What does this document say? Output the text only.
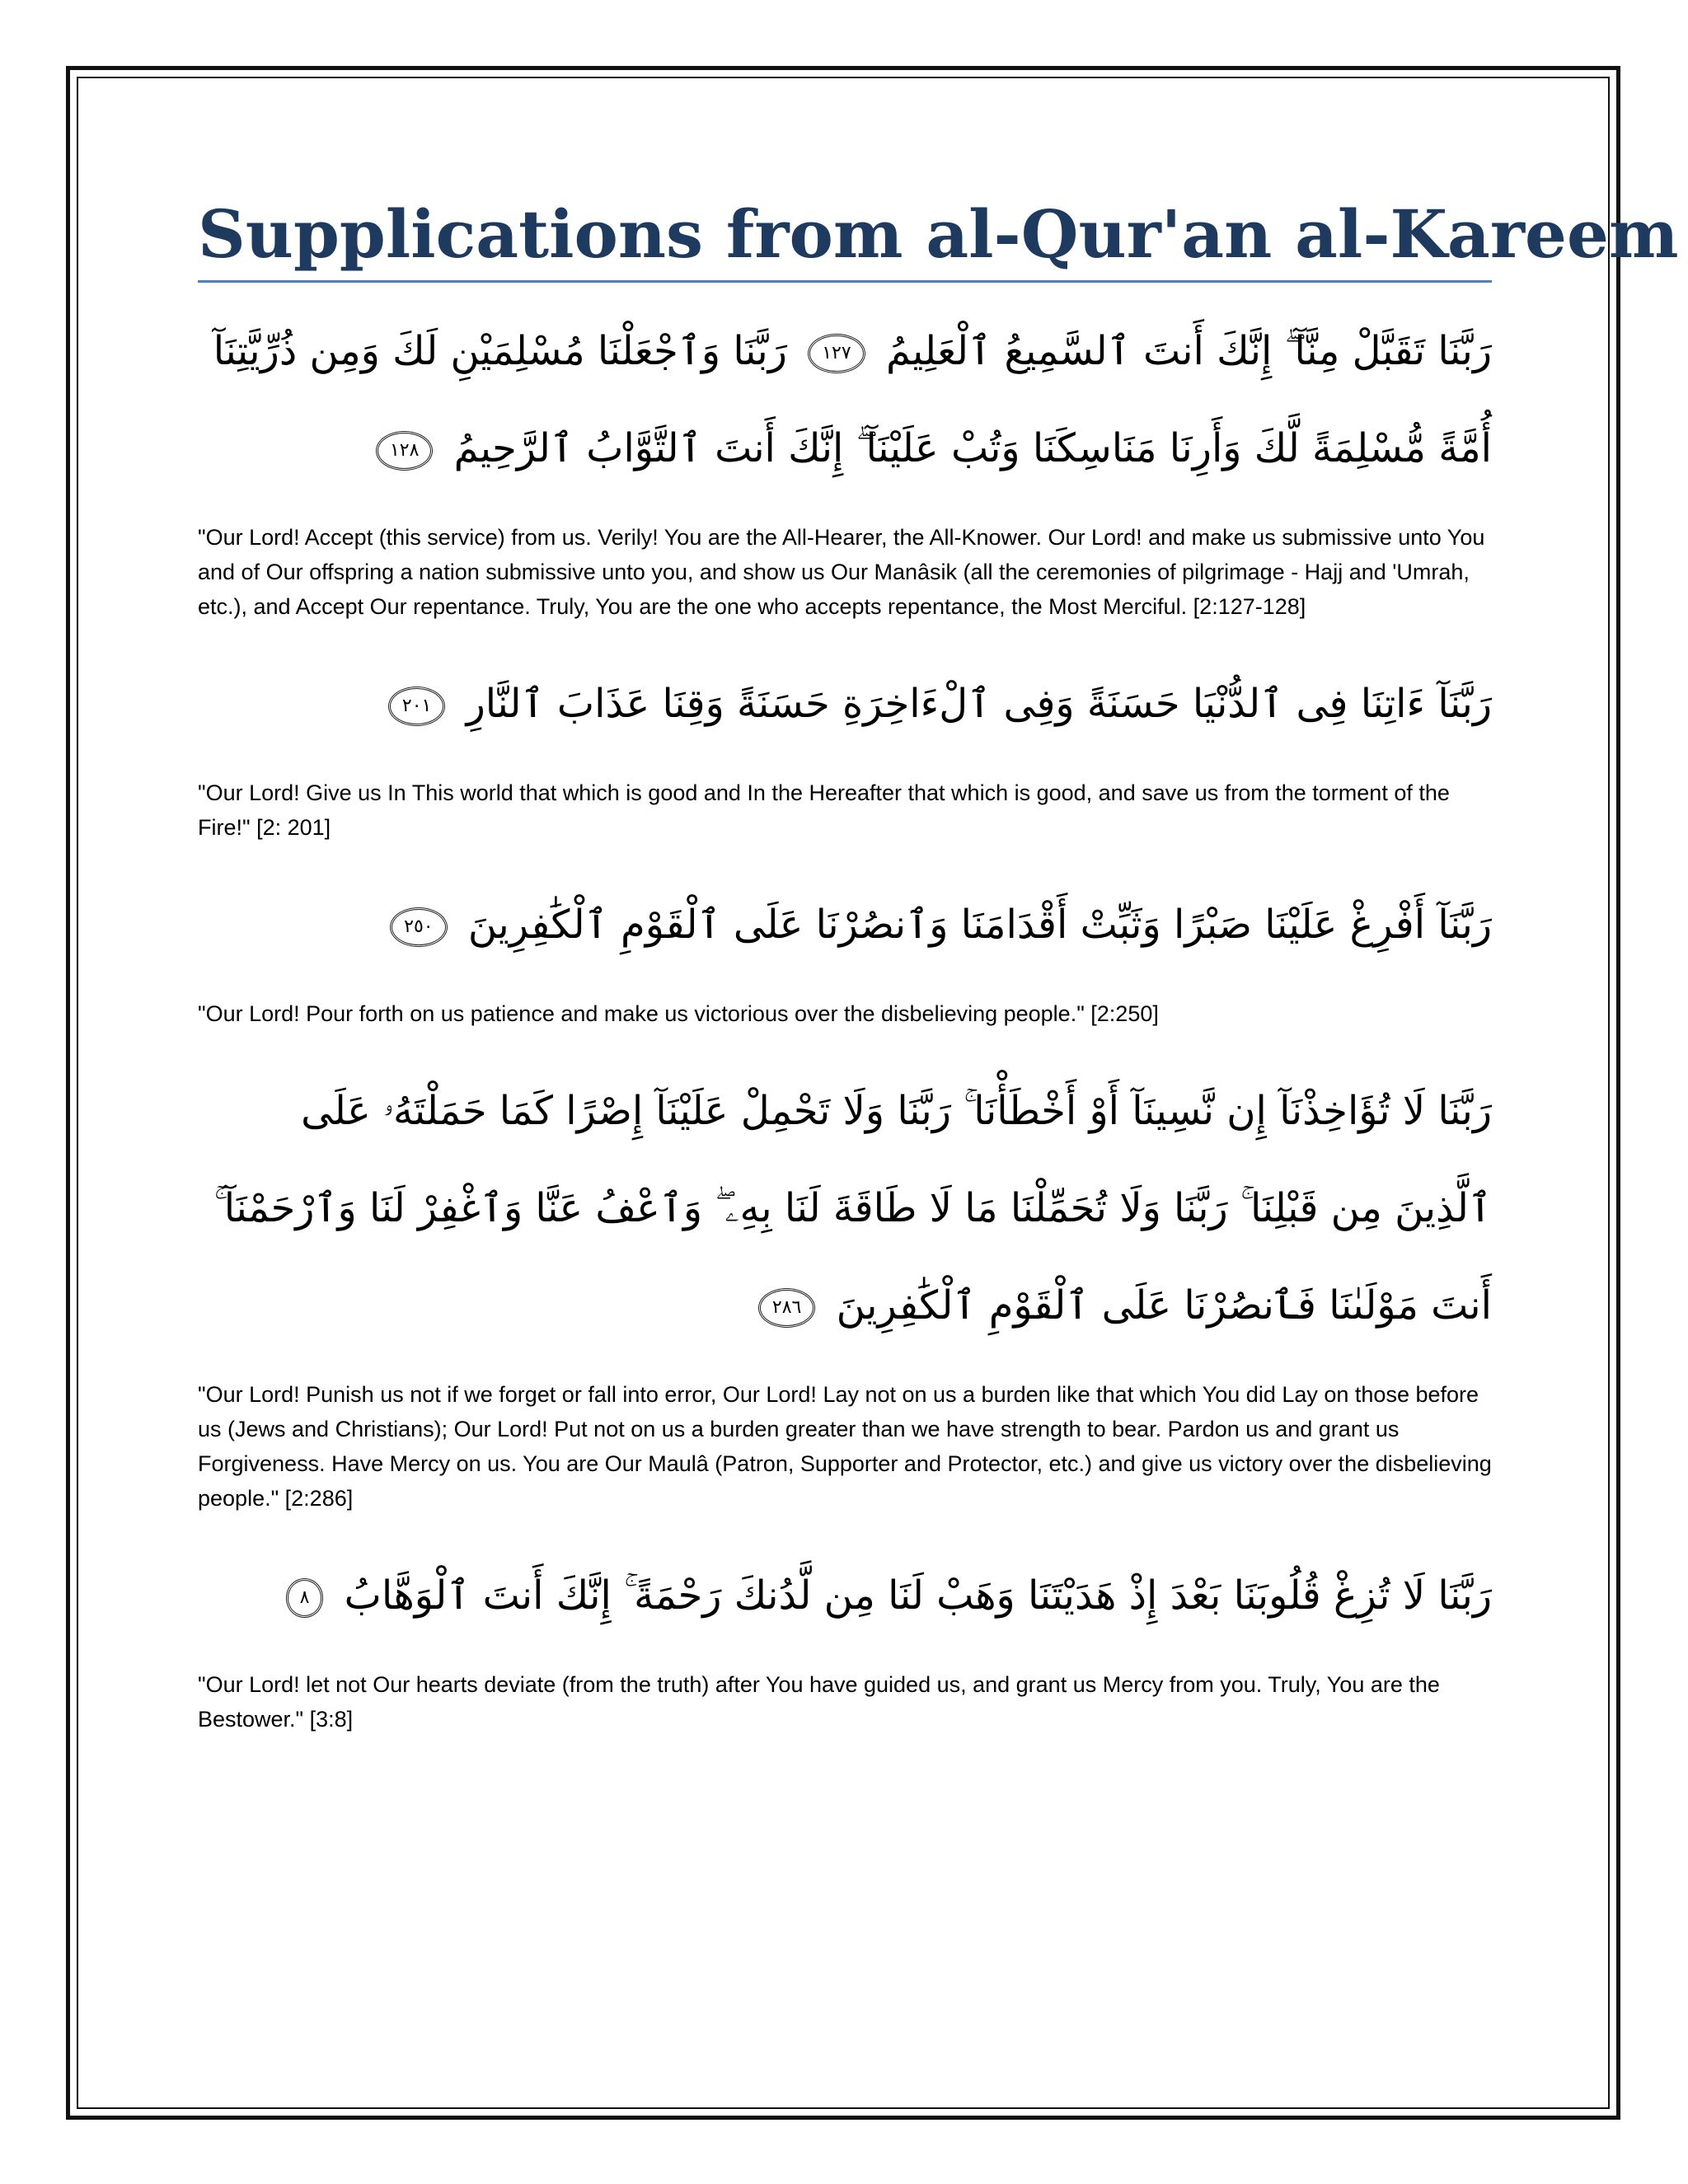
Supplications from al-Qur'an al-Kareem

رَبَّنَا تَقَبَّلْ مِنَّآ ۖ إِنَّكَ أَنتَ ٱلسَّمِيعُ ٱلْعَلِيمُ ١٢٧ رَبَّنَا وَٱجْعَلْنَا مُسْلِمَيْنِ لَكَ وَمِن ذُرِّيَّتِنَآ أُمَّةً مُّسْلِمَةً لَّكَ وَأَرِنَا مَنَاسِكَنَا وَتُبْ عَلَيْنَآ ۖ إِنَّكَ أَنتَ ٱلتَّوَّابُ ٱلرَّحِيمُ ١٢٨

"Our Lord! Accept (this service) from us. Verily! You are the All-Hearer, the All-Knower. Our Lord! and make us submissive unto You and of Our offspring a nation submissive unto you, and show us Our Manâsik (all the ceremonies of pilgrimage - Hajj and 'Umrah, etc.), and Accept Our repentance. Truly, You are the one who accepts repentance, the Most Merciful. [2:127-128]

رَبَّنَآ ءَاتِنَا فِى ٱلدُّنْيَا حَسَنَةً وَفِى ٱلْءَاخِرَةِ حَسَنَةً وَقِنَا عَذَابَ ٱلنَّارِ ٢٠١

"Our Lord! Give us In This world that which is good and In the Hereafter that which is good, and save us from the torment of the Fire!" [2: 201]

رَبَّنَآ أَفْرِغْ عَلَيْنَا صَبْرًا وَثَبِّتْ أَقْدَامَنَا وَٱنصُرْنَا عَلَى ٱلْقَوْمِ ٱلْكَٰفِرِينَ ٢٥٠

"Our Lord! Pour forth on us patience and make us victorious over the disbelieving people." [2:250]

رَبَّنَا لَا تُؤَاخِذْنَآ إِن نَّسِينَآ أَوْ أَخْطَأْنَا ۚ رَبَّنَا وَلَا تَحْمِلْ عَلَيْنَآ إِصْرًا كَمَا حَمَلْتَهُۥ عَلَى ٱلَّذِينَ مِن قَبْلِنَا ۚ رَبَّنَا وَلَا تُحَمِّلْنَا مَا لَا طَاقَةَ لَنَا بِهِۦ ۖ وَٱعْفُ عَنَّا وَٱغْفِرْ لَنَا وَٱرْحَمْنَآ ۚ أَنتَ مَوْلَىٰنَا فَٱنصُرْنَا عَلَى ٱلْقَوْمِ ٱلْكَٰفِرِينَ ٢٨٦

"Our Lord! Punish us not if we forget or fall into error, Our Lord! Lay not on us a burden like that which You did Lay on those before us (Jews and Christians); Our Lord! Put not on us a burden greater than we have strength to bear. Pardon us and grant us Forgiveness. Have Mercy on us. You are Our Maulâ (Patron, Supporter and Protector, etc.) and give us victory over the disbelieving people." [2:286]

رَبَّنَا لَا تُزِغْ قُلُوبَنَا بَعْدَ إِذْ هَدَيْتَنَا وَهَبْ لَنَا مِن لَّدُنكَ رَحْمَةً ۚ إِنَّكَ أَنتَ ٱلْوَهَّابُ ٨

"Our Lord! let not Our hearts deviate (from the truth) after You have guided us, and grant us Mercy from you. Truly, You are the Bestower." [3:8]
